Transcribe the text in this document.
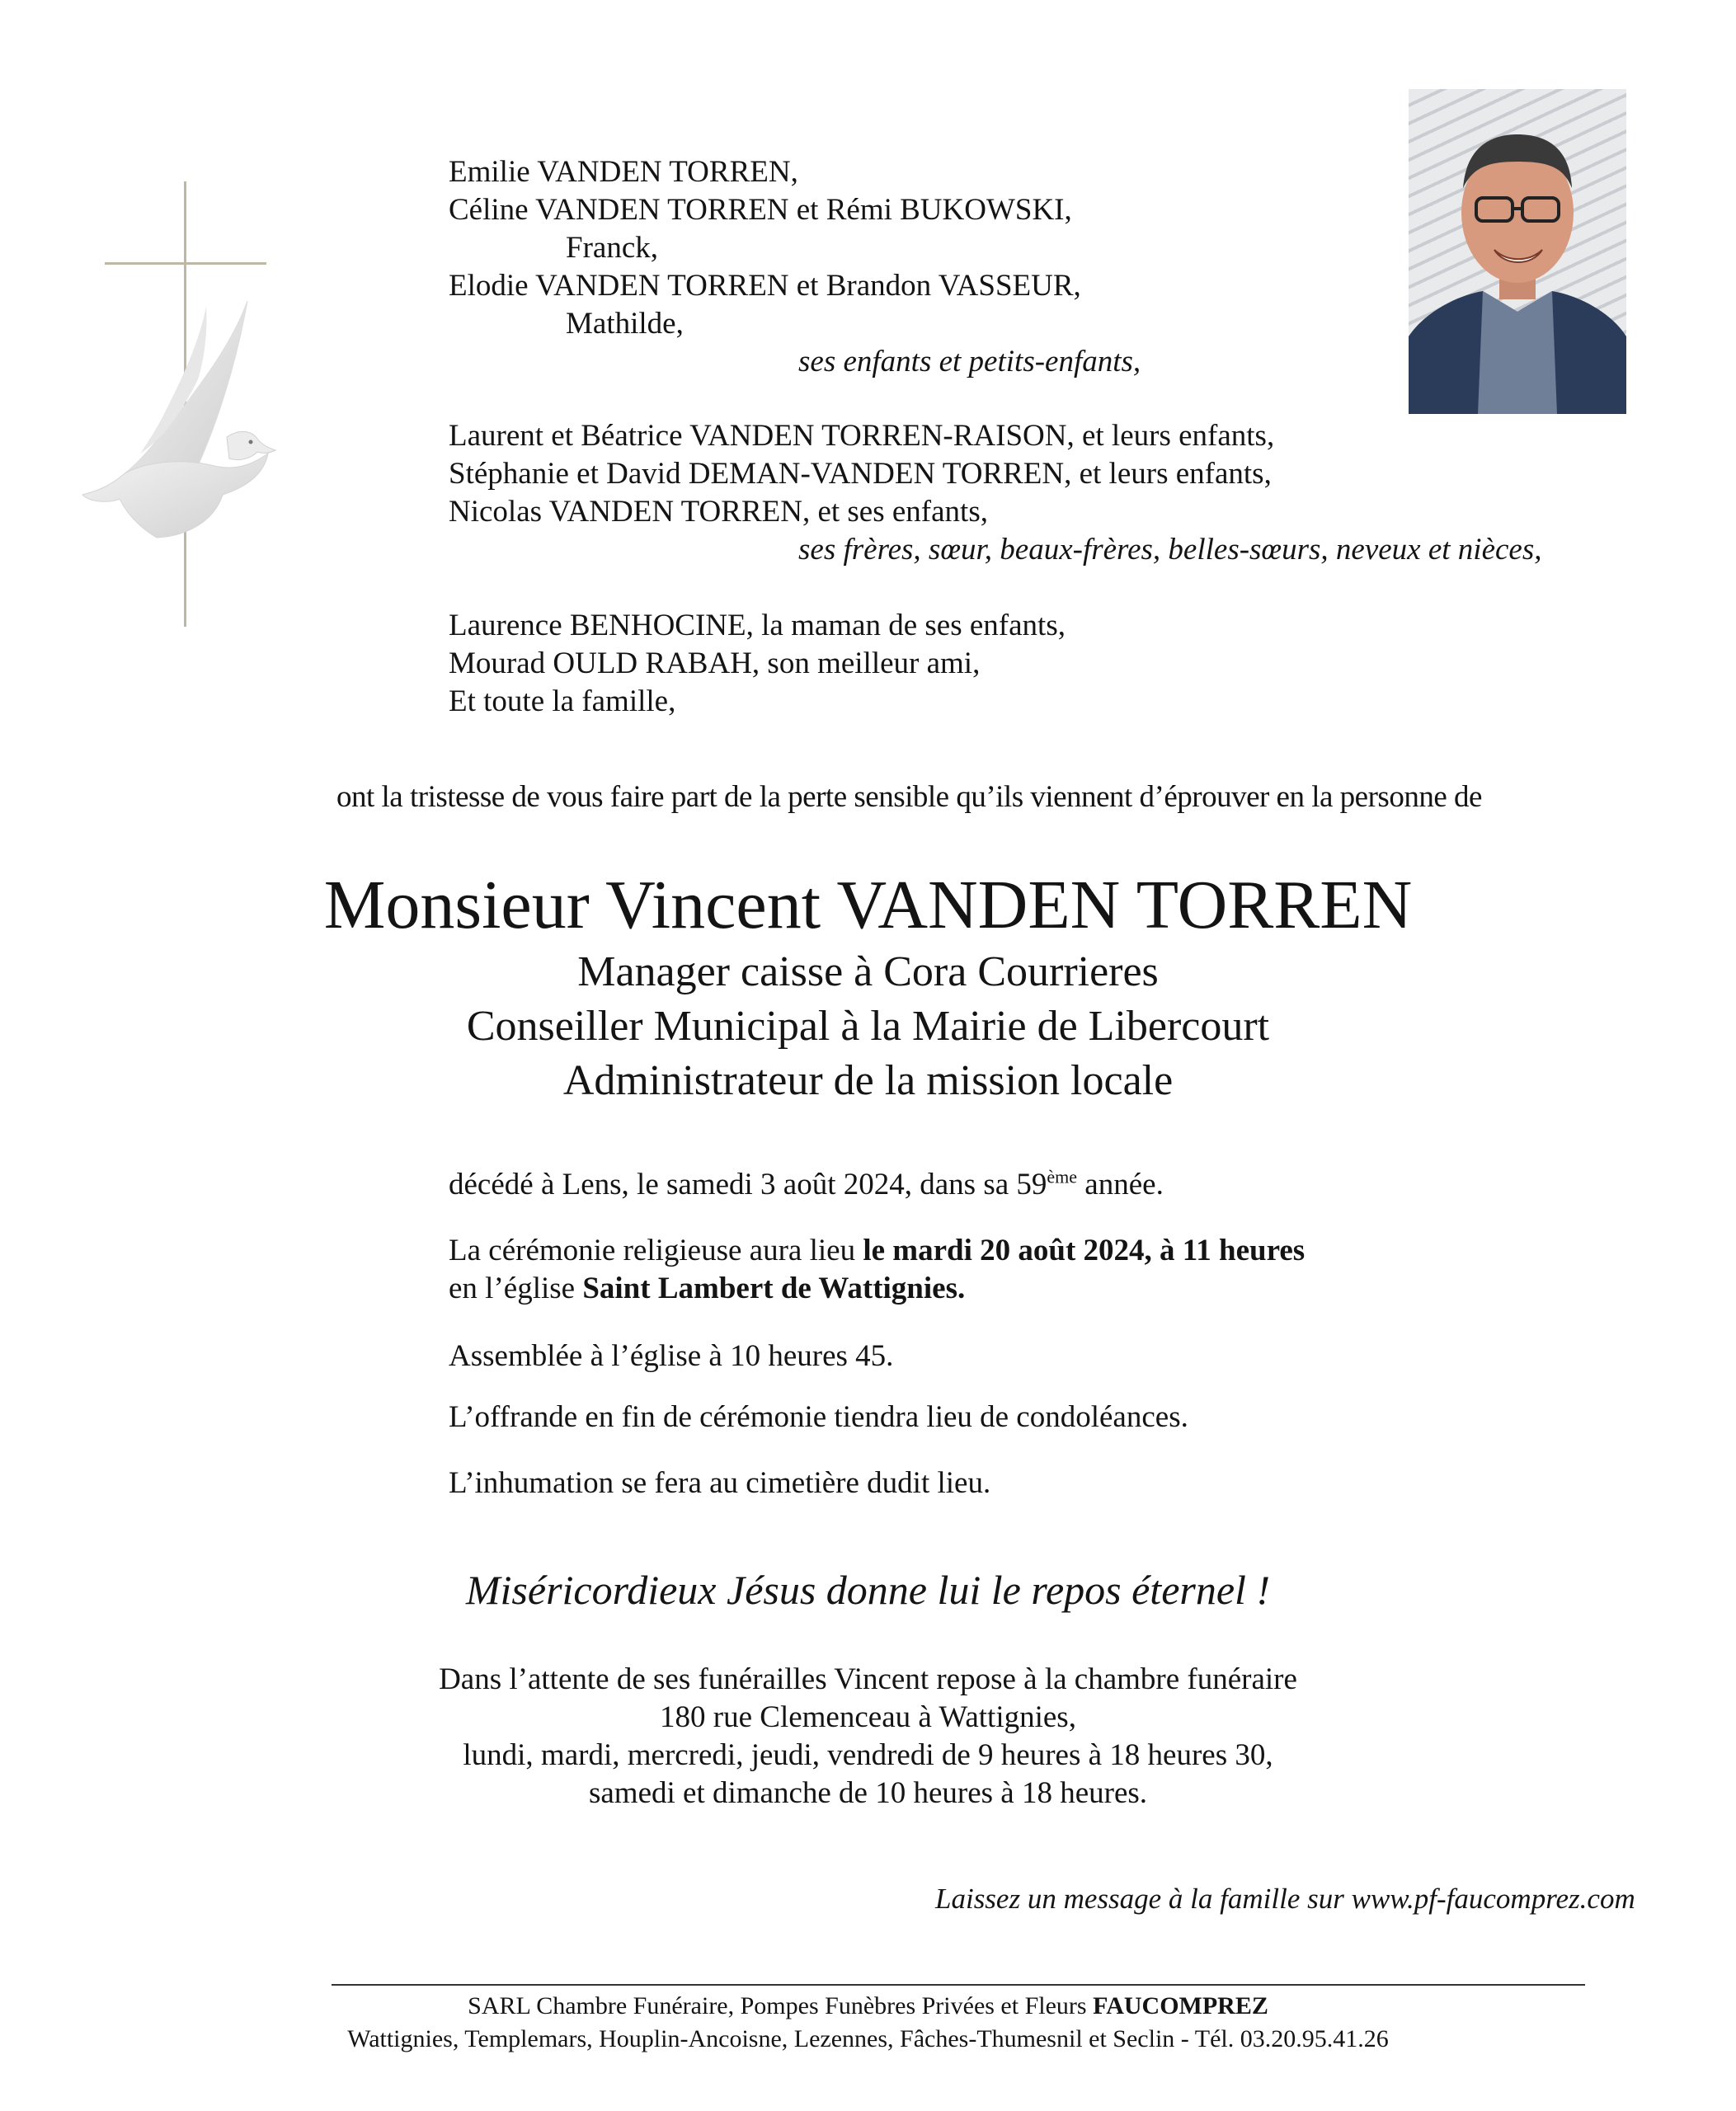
Emilie VANDEN TORREN,
Céline VANDEN TORREN et Rémi BUKOWSKI,
Franck,
Elodie VANDEN TORREN et Brandon VASSEUR,
Mathilde,
ses enfants et petits-enfants,
Laurent et Béatrice VANDEN TORREN-RAISON, et leurs enfants,
Stéphanie et David DEMAN-VANDEN TORREN, et leurs enfants,
Nicolas VANDEN TORREN, et ses enfants,
ses frères, sœur, beaux-frères, belles-sœurs, neveux et nièces,
Laurence BENHOCINE, la maman de ses enfants,
Mourad OULD RABAH, son meilleur ami,
Et toute la famille,
ont la tristesse de vous faire part de la perte sensible qu’ils viennent d’éprouver en la personne de
Monsieur Vincent VANDEN TORREN
Manager caisse à Cora Courrieres
Conseiller Municipal à la Mairie de Libercourt
Administrateur de la mission locale
décédé à Lens, le samedi 3 août 2024, dans sa 59ème année.
La cérémonie religieuse aura lieu le mardi 20 août 2024, à 11 heures
en l’église Saint Lambert de Wattignies.
Assemblée à l’église à 10 heures 45.
L’offrande en fin de cérémonie tiendra lieu de condoléances.
L’inhumation se fera au cimetière dudit lieu.
Miséricordieux Jésus donne lui le repos éternel !
Dans l’attente de ses funérailles Vincent repose à la chambre funéraire
180 rue Clemenceau à Wattignies,
lundi, mardi, mercredi, jeudi, vendredi de 9 heures à 18 heures 30,
samedi et dimanche de 10 heures à 18 heures.
Laissez un message à la famille sur www.pf-faucomprez.com
SARL Chambre Funéraire, Pompes Funèbres Privées et Fleurs FAUCOMPREZ
Wattignies, Templemars, Houplin-Ancoisne, Lezennes, Fâches-Thumesnil et Seclin - Tél. 03.20.95.41.26
